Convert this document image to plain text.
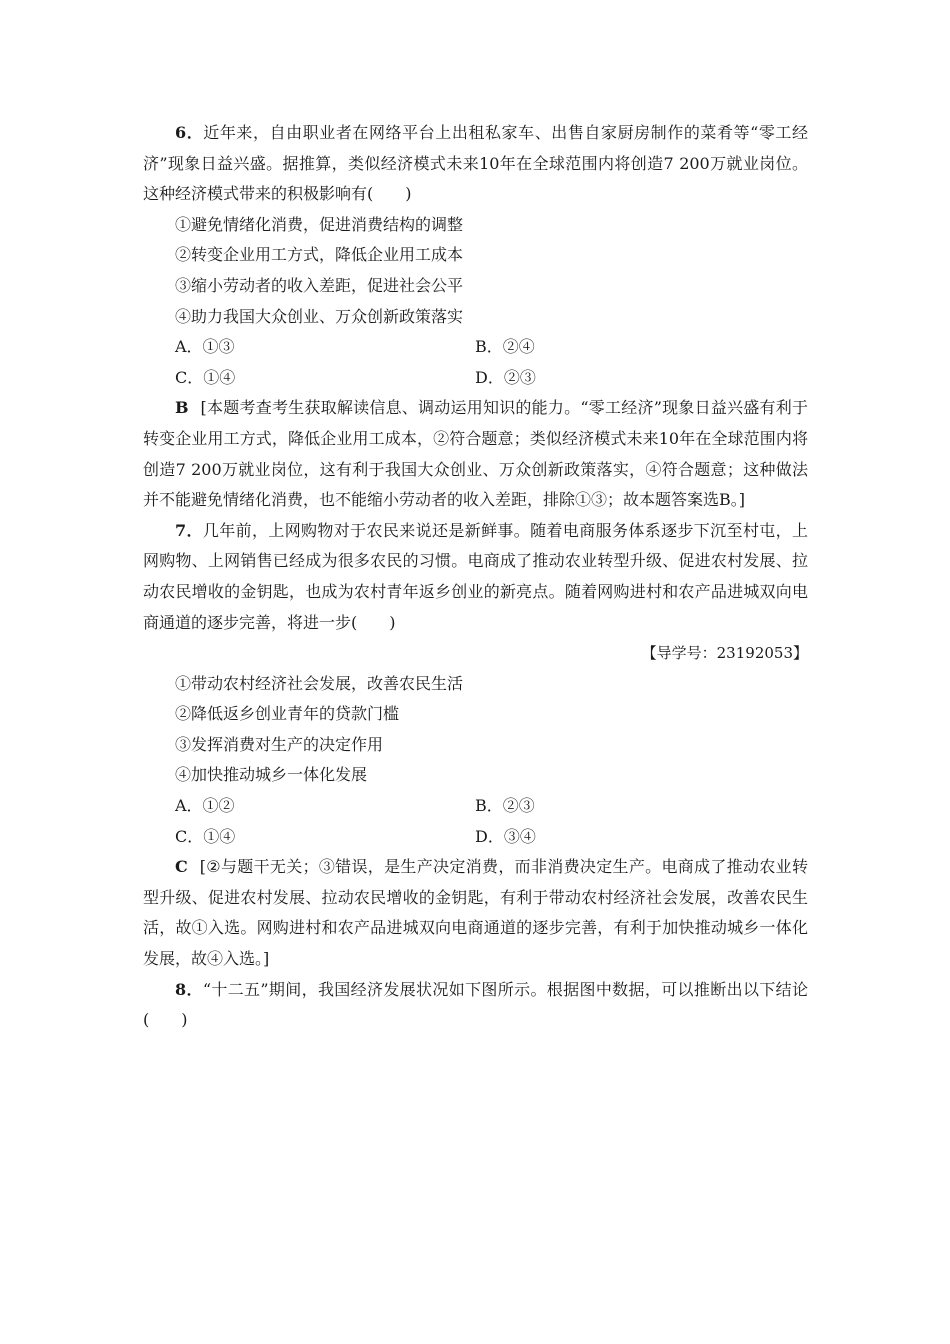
6．近年来，自由职业者在网络平台上出租私家车、出售自家厨房制作的菜肴等“零工经济”现象日益兴盛。据推算，类似经济模式未来10年在全球范围内将创造7 200万就业岗位。这种经济模式带来的积极影响有(　　)

①避免情绪化消费，促进消费结构的调整

②转变企业用工方式，降低企业用工成本

③缩小劳动者的收入差距，促进社会公平

④助力我国大众创业、万众创新政策落实

A．①③	B．②④
C．①④	D．②③

B [本题考查考生获取解读信息、调动运用知识的能力。“零工经济”现象日益兴盛有利于转变企业用工方式，降低企业用工成本，②符合题意；类似经济模式未来10年在全球范围内将创造7 200万就业岗位，这有利于我国大众创业、万众创新政策落实，④符合题意；这种做法并不能避免情绪化消费，也不能缩小劳动者的收入差距，排除①③；故本题答案选B。]

7．几年前，上网购物对于农民来说还是新鲜事。随着电商服务体系逐步下沉至村屯，上网购物、上网销售已经成为很多农民的习惯。电商成了推动农业转型升级、促进农村发展、拉动农民增收的金钥匙，也成为农村青年返乡创业的新亮点。随着网购进村和农产品进城双向电商通道的逐步完善，将进一步(　　)

【导学号：23192053】

①带动农村经济社会发展，改善农民生活

②降低返乡创业青年的贷款门槛

③发挥消费对生产的决定作用

④加快推动城乡一体化发展

A．①②	B．②③
C．①④	D．③④

C [②与题干无关；③错误，是生产决定消费，而非消费决定生产。电商成了推动农业转型升级、促进农村发展、拉动农民增收的金钥匙，有利于带动农村经济社会发展，改善农民生活，故①入选。网购进村和农产品进城双向电商通道的逐步完善，有利于加快推动城乡一体化发展，故④入选。]

8．“十二五”期间，我国经济发展状况如下图所示。根据图中数据，可以推断出以下结论(　　)
